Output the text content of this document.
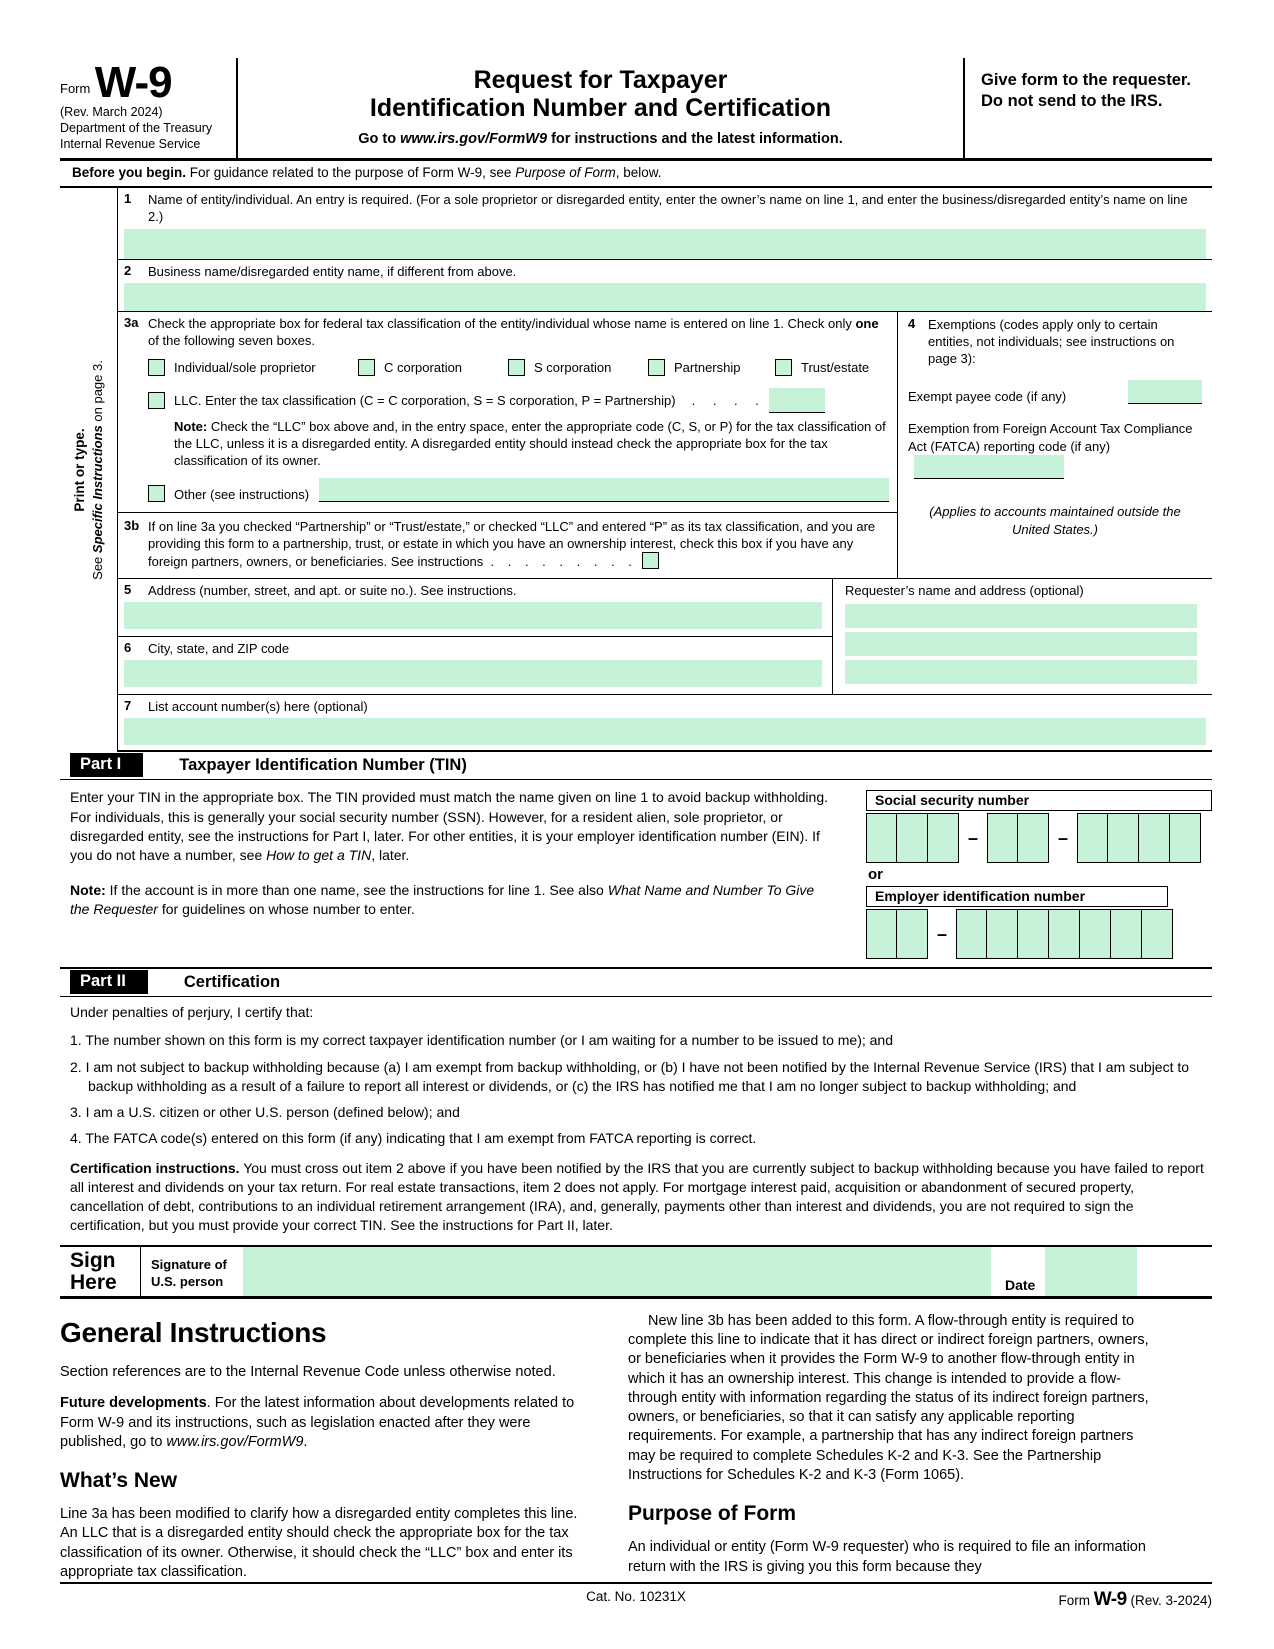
Form W-9
(Rev. March 2024)
Department of the Treasury
Internal Revenue Service
Request for Taxpayer
Identification Number and Certification
Go to www.irs.gov/FormW9 for instructions and the latest information.
Give form to the requester. Do not send to the IRS.
Before you begin. For guidance related to the purpose of Form W-9, see Purpose of Form, below.
Print or type.
See Specific Instructions on page 3.
1	Name of entity/individual. An entry is required. (For a sole proprietor or disregarded entity, enter the owner’s name on line 1, and enter the business/disregarded entity’s name on line 2.)
2	Business name/disregarded entity name, if different from above.
3a Check the appropriate box for federal tax classification of the entity/individual whose name is entered on line 1. Check only one of the following seven boxes.
Individual/sole proprietor	C corporation	S corporation	Partnership	Trust/estate
LLC. Enter the tax classification (C = C corporation, S = S corporation, P = Partnership) . . . .
Note: Check the “LLC” box above and, in the entry space, enter the appropriate code (C, S, or P) for the tax classification of the LLC, unless it is a disregarded entity. A disregarded entity should instead check the appropriate box for the tax classification of its owner.
Other (see instructions)
3b If on line 3a you checked “Partnership” or “Trust/estate,” or checked “LLC” and entered “P” as its tax classification, and you are providing this form to a partnership, trust, or estate in which you have an ownership interest, check this box if you have any foreign partners, owners, or beneficiaries. See instructions . . . . . . . . .
4 Exemptions (codes apply only to certain entities, not individuals; see instructions on page 3):
Exempt payee code (if any)
Exemption from Foreign Account Tax Compliance Act (FATCA) reporting code (if any)
(Applies to accounts maintained outside the United States.)
5	Address (number, street, and apt. or suite no.). See instructions.
6	City, state, and ZIP code
Requester’s name and address (optional)
7	List account number(s) here (optional)
Part I	Taxpayer Identification Number (TIN)

Enter your TIN in the appropriate box. The TIN provided must match the name given on line 1 to avoid backup withholding. For individuals, this is generally your social security number (SSN). However, for a resident alien, sole proprietor, or disregarded entity, see the instructions for Part I, later. For other entities, it is your employer identification number (EIN). If you do not have a number, see How to get a TIN, later.

Note: If the account is in more than one name, see the instructions for line 1. See also What Name and Number To Give the Requester for guidelines on whose number to enter.

Social security number
–	–
or
Employer identification number
–
Part II	Certification

Under penalties of perjury, I certify that:

1. The number shown on this form is my correct taxpayer identification number (or I am waiting for a number to be issued to me); and

2. I am not subject to backup withholding because (a) I am exempt from backup withholding, or (b) I have not been notified by the Internal Revenue Service (IRS) that I am subject to backup withholding as a result of a failure to report all interest or dividends, or (c) the IRS has notified me that I am no longer subject to backup withholding; and

3. I am a U.S. citizen or other U.S. person (defined below); and

4. The FATCA code(s) entered on this form (if any) indicating that I am exempt from FATCA reporting is correct.

Certification instructions. You must cross out item 2 above if you have been notified by the IRS that you are currently subject to backup withholding because you have failed to report all interest and dividends on your tax return. For real estate transactions, item 2 does not apply. For mortgage interest paid, acquisition or abandonment of secured property, cancellation of debt, contributions to an individual retirement arrangement (IRA), and, generally, payments other than interest and dividends, you are not required to sign the certification, but you must provide your correct TIN. See the instructions for Part II, later.

Sign
Here
Signature of
U.S. person	Date
General Instructions

Section references are to the Internal Revenue Code unless otherwise noted.

Future developments. For the latest information about developments related to Form W-9 and its instructions, such as legislation enacted after they were published, go to www.irs.gov/FormW9.

What’s New

Line 3a has been modified to clarify how a disregarded entity completes this line. An LLC that is a disregarded entity should check the appropriate box for the tax classification of its owner. Otherwise, it should check the “LLC” box and enter its appropriate tax classification.

New line 3b has been added to this form. A flow-through entity is required to complete this line to indicate that it has direct or indirect foreign partners, owners, or beneficiaries when it provides the Form W-9 to another flow-through entity in which it has an ownership interest. This change is intended to provide a flow-through entity with information regarding the status of its indirect foreign partners, owners, or beneficiaries, so that it can satisfy any applicable reporting requirements. For example, a partnership that has any indirect foreign partners may be required to complete Schedules K-2 and K-3. See the Partnership Instructions for Schedules K-2 and K-3 (Form 1065).

Purpose of Form

An individual or entity (Form W-9 requester) who is required to file an information return with the IRS is giving you this form because they

Cat. No. 10231X	Form W-9 (Rev. 3-2024)
